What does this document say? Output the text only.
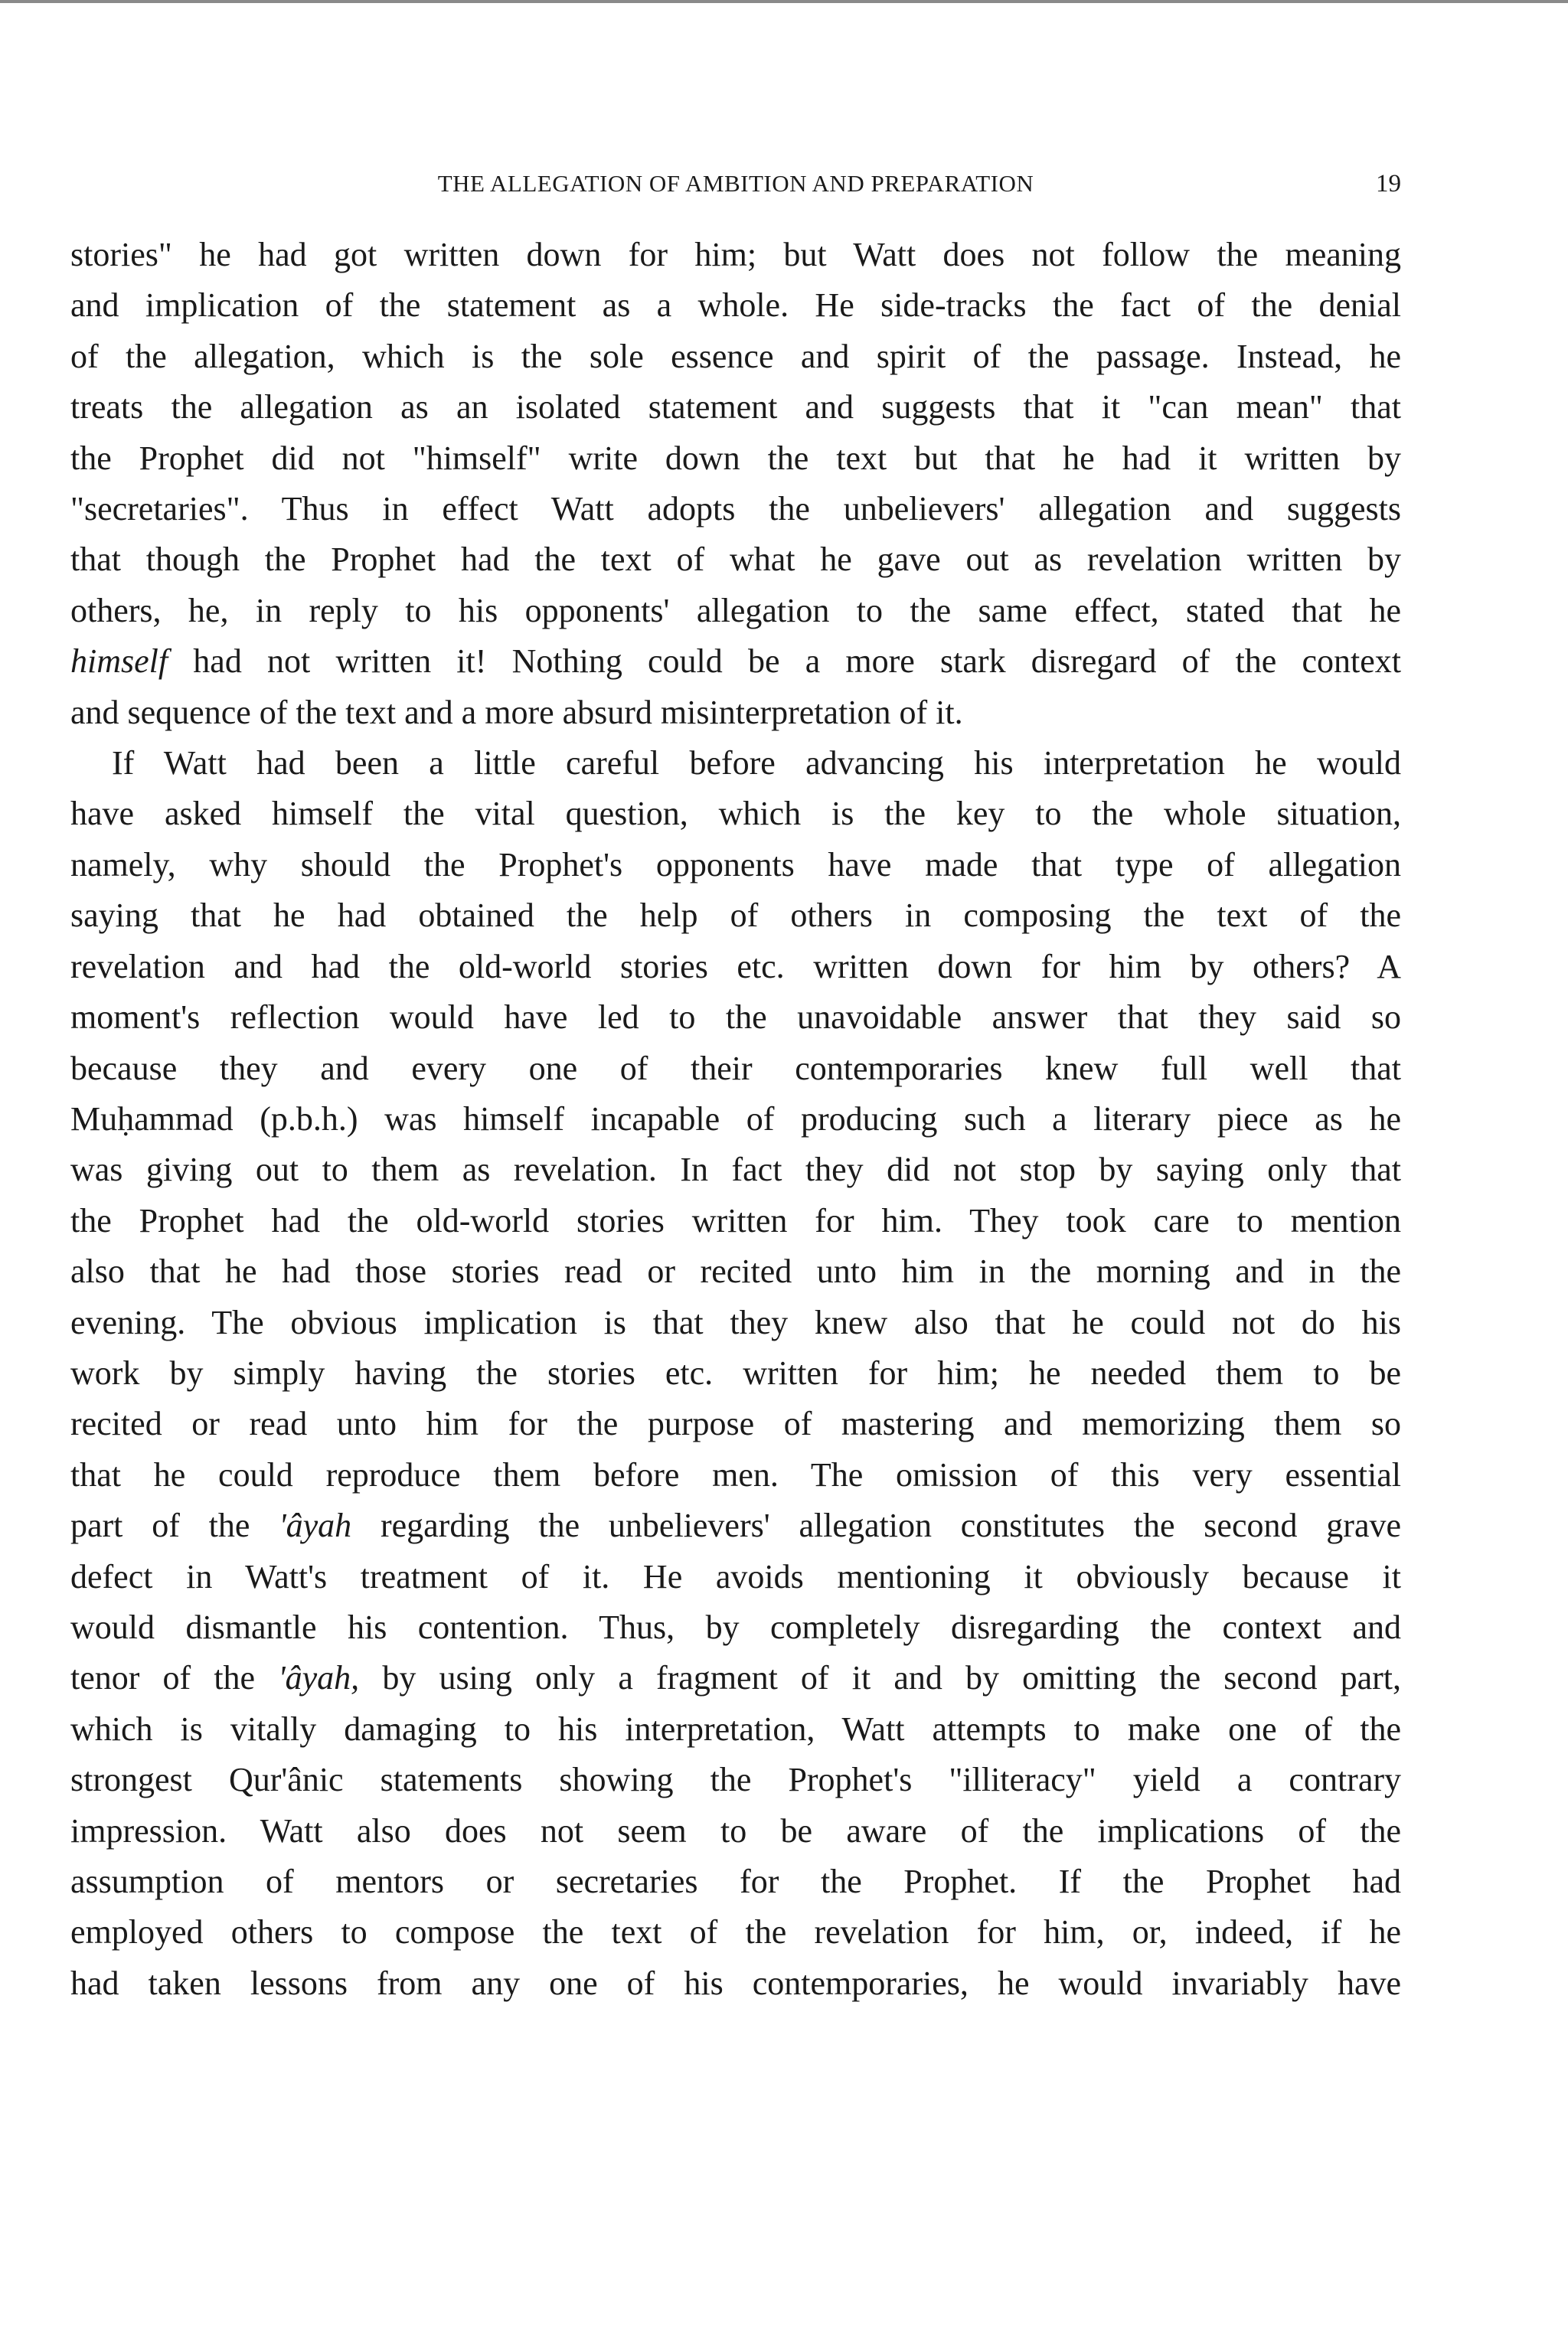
THE ALLEGATION OF AMBITION AND PREPARATION	19
stories" he had got written down for him; but Watt does not follow the meaning
and implication of the statement as a whole. He side-tracks the fact of the denial
of the allegation, which is the sole essence and spirit of the passage. Instead, he
treats the allegation as an isolated statement and suggests that it "can mean" that
the Prophet did not "himself" write down the text but that he had it written by
"secretaries". Thus in effect Watt adopts the unbelievers' allegation and suggests
that though the Prophet had the text of what he gave out as revelation written by
others, he, in reply to his opponents' allegation to the same effect, stated that he
himself had not written it! Nothing could be a more stark disregard of the context
and sequence of the text and a more absurd misinterpretation of it.
If Watt had been a little careful before advancing his interpretation he would
have asked himself the vital question, which is the key to the whole situation,
namely, why should the Prophet's opponents have made that type of allegation
saying that he had obtained the help of others in composing the text of the
revelation and had the old-world stories etc. written down for him by others? A
moment's reflection would have led to the unavoidable answer that they said so
because they and every one of their contemporaries knew full well that
Muḥammad (p.b.h.) was himself incapable of producing such a literary piece as he
was giving out to them as revelation. In fact they did not stop by saying only that
the Prophet had the old-world stories written for him. They took care to mention
also that he had those stories read or recited unto him in the morning and in the
evening. The obvious implication is that they knew also that he could not do his
work by simply having the stories etc. written for him; he needed them to be
recited or read unto him for the purpose of mastering and memorizing them so
that he could reproduce them before men. The omission of this very essential
part of the 'âyah regarding the unbelievers' allegation constitutes the second grave
defect in Watt's treatment of it. He avoids mentioning it obviously because it
would dismantle his contention. Thus, by completely disregarding the context and
tenor of the 'âyah, by using only a fragment of it and by omitting the second part,
which is vitally damaging to his interpretation, Watt attempts to make one of the
strongest Qur'ânic statements showing the Prophet's "illiteracy" yield a contrary
impression. Watt also does not seem to be aware of the implications of the
assumption of mentors or secretaries for the Prophet. If the Prophet had
employed others to compose the text of the revelation for him, or, indeed, if he
had taken lessons from any one of his contemporaries, he would invariably have
